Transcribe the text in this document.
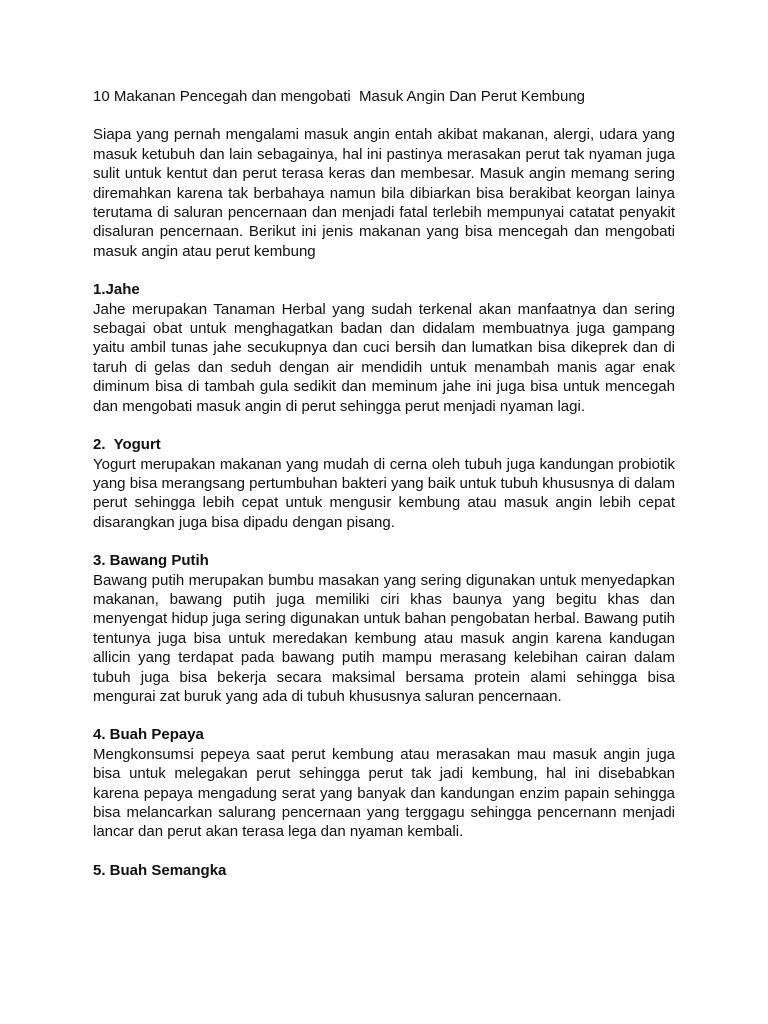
10 Makanan Pencegah dan mengobati  Masuk Angin Dan Perut Kembung

Siapa yang pernah mengalami masuk angin entah akibat makanan, alergi, udara yang masuk ketubuh dan lain sebagainya, hal ini pastinya merasakan perut tak nyaman juga sulit untuk kentut dan perut terasa keras dan membesar. Masuk angin memang sering diremahkan karena tak berbahaya namun bila dibiarkan bisa berakibat keorgan lainya terutama di saluran pencernaan dan menjadi fatal terlebih mempunyai catatat penyakit disaluran pencernaan. Berikut ini jenis makanan yang bisa mencegah dan mengobati masuk angin atau perut kembung

1.Jahe

Jahe merupakan Tanaman Herbal yang sudah terkenal akan manfaatnya dan sering sebagai obat untuk menghagatkan badan dan didalam membuatnya juga gampang yaitu ambil tunas jahe secukupnya dan cuci bersih dan lumatkan bisa dikeprek dan di taruh di gelas dan seduh dengan air mendidih untuk menambah manis agar enak diminum bisa di tambah gula sedikit dan meminum jahe ini juga bisa untuk mencegah dan mengobati masuk angin di perut sehingga perut menjadi nyaman lagi.

2.  Yogurt

Yogurt merupakan makanan yang mudah di cerna oleh tubuh juga kandungan probiotik yang bisa merangsang pertumbuhan bakteri yang baik untuk tubuh khususnya di dalam perut sehingga lebih cepat untuk mengusir kembung atau masuk angin lebih cepat disarangkan juga bisa dipadu dengan pisang.

3. Bawang Putih

Bawang putih merupakan bumbu masakan yang sering digunakan untuk menyedapkan makanan, bawang putih juga memiliki ciri khas baunya yang begitu khas dan menyengat hidup juga sering digunakan untuk bahan pengobatan herbal. Bawang putih tentunya juga bisa untuk meredakan kembung atau masuk angin karena kandugan allicin yang terdapat pada bawang putih mampu merasang kelebihan cairan dalam tubuh juga bisa bekerja secara maksimal bersama protein alami sehingga bisa mengurai zat buruk yang ada di tubuh khususnya saluran pencernaan.

4. Buah Pepaya

Mengkonsumsi pepeya saat perut kembung atau merasakan mau masuk angin juga bisa untuk melegakan perut sehingga perut tak jadi kembung, hal ini disebabkan karena pepaya mengadung serat yang banyak dan kandungan enzim papain sehingga bisa melancarkan salurang pencernaan yang terggagu sehingga pencernann menjadi lancar dan perut akan terasa lega dan nyaman kembali.

5. Buah Semangka
